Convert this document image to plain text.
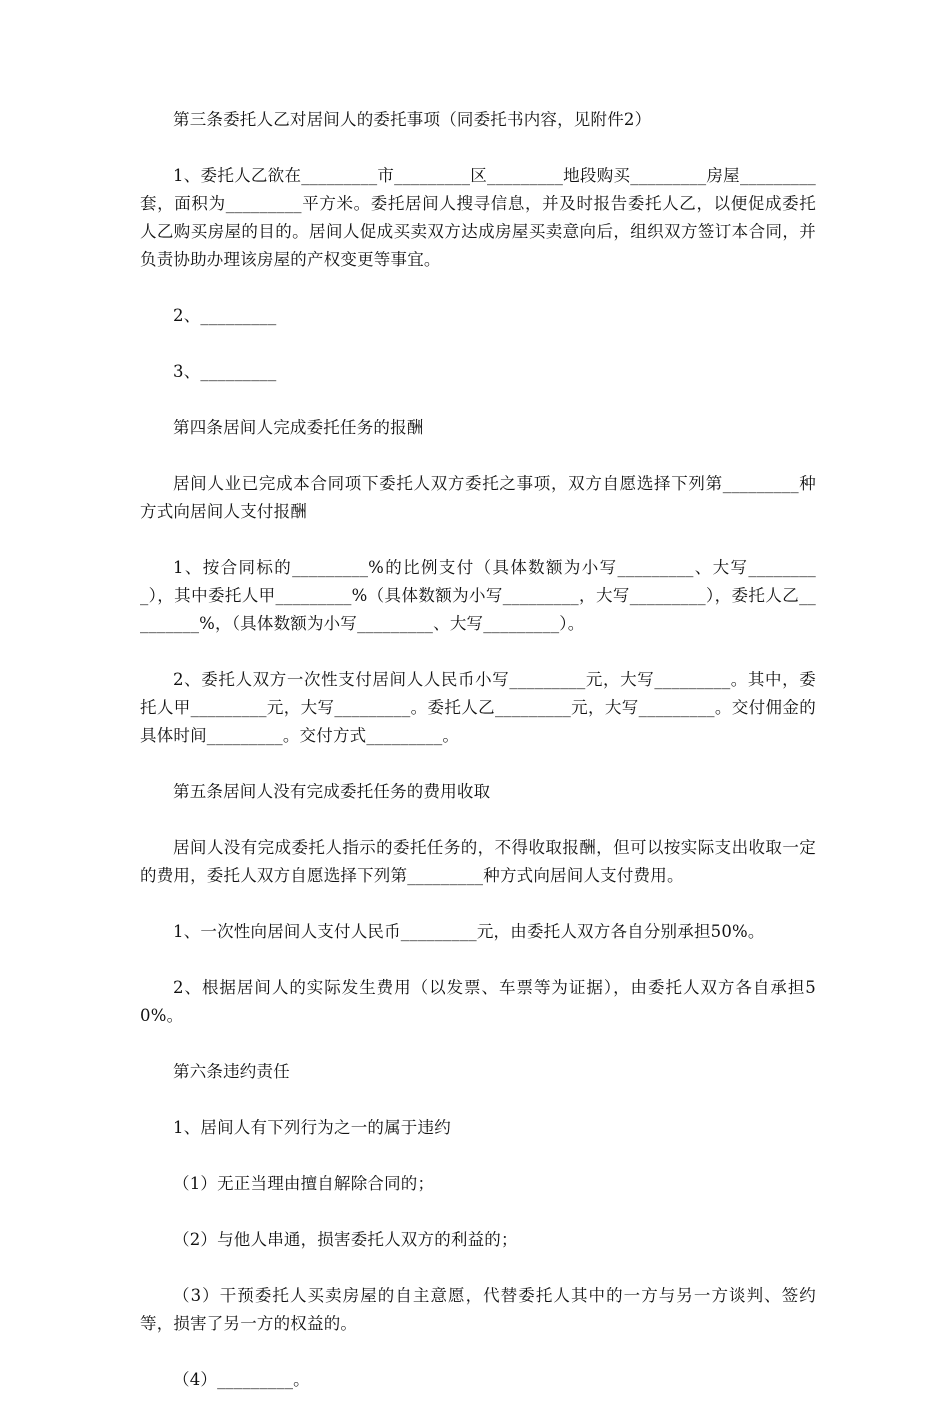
第三条委托人乙对居间人的委托事项（同委托书内容，见附件2）

1、委托人乙欲在_________市_________区_________地段购买_________房屋_________套，面积为_________平方米。委托居间人搜寻信息，并及时报告委托人乙，以便促成委托人乙购买房屋的目的。居间人促成买卖双方达成房屋买卖意向后，组织双方签订本合同，并负责协助办理该房屋的产权变更等事宜。

2、_________

3、_________

第四条居间人完成委托任务的报酬

居间人业已完成本合同项下委托人双方委托之事项，双方自愿选择下列第_________种方式向居间人支付报酬

1、按合同标的_________%的比例支付（具体数额为小写_________、大写_________），其中委托人甲_________%（具体数额为小写_________，大写_________），委托人乙_________%，（具体数额为小写_________、大写_________）。

2、委托人双方一次性支付居间人人民币小写_________元，大写_________。其中，委托人甲_________元，大写_________。委托人乙_________元，大写_________。交付佣金的具体时间_________。交付方式_________。

第五条居间人没有完成委托任务的费用收取

居间人没有完成委托人指示的委托任务的，不得收取报酬，但可以按实际支出收取一定的费用，委托人双方自愿选择下列第_________种方式向居间人支付费用。

1、一次性向居间人支付人民币_________元，由委托人双方各自分别承担50%。

2、根据居间人的实际发生费用（以发票、车票等为证据），由委托人双方各自承担50%。

第六条违约责任

1、居间人有下列行为之一的属于违约

（1）无正当理由擅自解除合同的；

（2）与他人串通，损害委托人双方的利益的；

（3）干预委托人买卖房屋的自主意愿，代替委托人其中的一方与另一方谈判、签约等，损害了另一方的权益的。

（4）_________。
